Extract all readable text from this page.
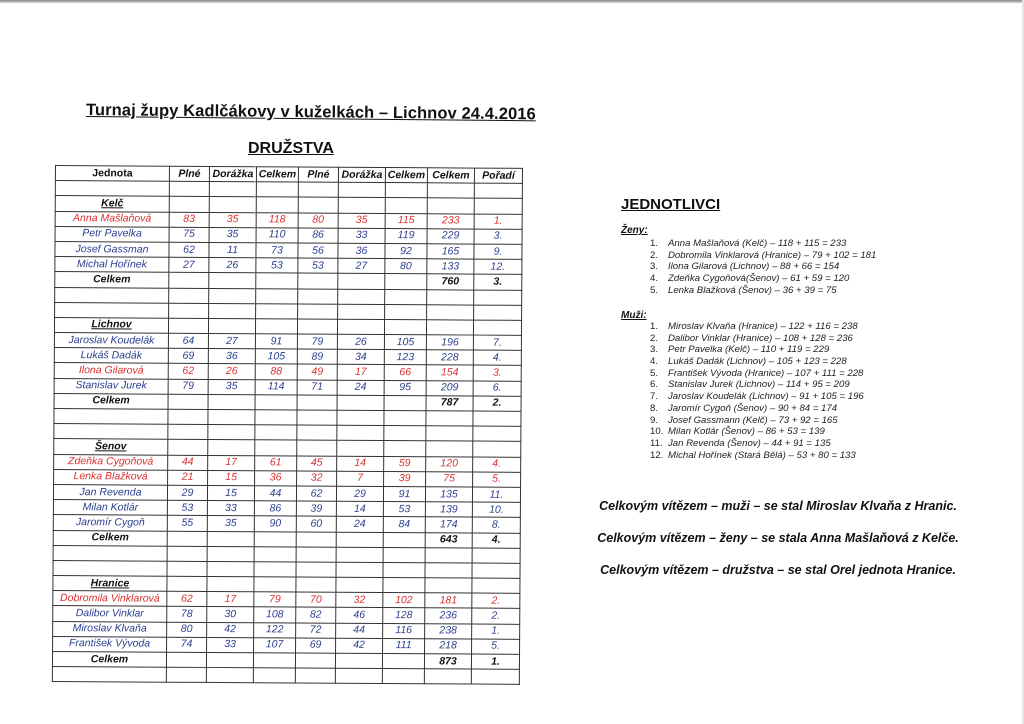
Turnaj župy Kadlčákovy v kuželkách – Lichnov 24.4.2016
DRUŽSTVA
Jednota	Plné	Dorážka	Celkem	Plné	Dorážka	Celkem	Celkem	Pořadí

Kelč								
Anna Mašlaňová	83	35	118	80	35	115	233	1.
Petr Pavelka	75	35	110	86	33	119	229	3.
Josef Gassman	62	11	73	56	36	92	165	9.
Michal Hořínek	27	26	53	53	27	80	133	12.
Celkem							760	3.

Lichnov								
Jaroslav Koudelák	64	27	91	79	26	105	196	7.
Lukáš Dadák	69	36	105	89	34	123	228	4.
Ilona Gilarová	62	26	88	49	17	66	154	3.
Stanislav Jurek	79	35	114	71	24	95	209	6.
Celkem							787	2.

Šenov								
Zdeňka Cygoňová	44	17	61	45	14	59	120	4.
Lenka Blažková	21	15	36	32	7	39	75	5.
Jan Revenda	29	15	44	62	29	91	135	11.
Milan Kotlár	53	33	86	39	14	53	139	10.
Jaromír Cygoň	55	35	90	60	24	84	174	8.
Celkem							643	4.

Hranice								
Dobromila Vinklarová	62	17	79	70	32	102	181	2.
Dalibor Vinklar	78	30	108	82	46	128	236	2.
Miroslav Klvaňa	80	42	122	72	44	116	238	1.
František Vývoda	74	33	107	69	42	111	218	5.
Celkem							873	1.

JEDNOTLIVCI
Ženy:
1. Anna Mašlaňová (Kelč) – 118 + 115 = 233
2. Dobromila Vinklarová (Hranice) – 79 + 102 = 181
3. Ilona Gilarová (Lichnov) – 88 + 66 = 154
4. Zdeňka Cygoňová(Šenov) – 61 + 59 = 120
5. Lenka Blažková (Šenov) – 36 + 39 = 75
Muži:
1. Miroslav Klvaňa (Hranice) – 122 + 116 = 238
2. Dalibor Vinklar (Hranice) – 108 + 128 = 236
3. Petr Pavelka (Kelč) – 110 + 119 = 229
4. Lukáš Dadák (Lichnov) – 105 + 123 = 228
5. František Vývoda (Hranice) – 107 + 111 = 228
6. Stanislav Jurek (Lichnov) – 114 + 95 = 209
7. Jaroslav Koudelák (Lichnov) – 91 + 105 = 196
8. Jaromír Cygoň (Šenov) – 90 + 84 = 174
9. Josef Gassmann (Kelč) – 73 + 92 = 165
10. Milan Kotlár (Šenov) – 86 + 53 = 139
11. Jan Revenda (Šenov) – 44 + 91 = 135
12. Michal Hořínek (Stará Bělá) – 53 + 80 = 133
Celkovým vítězem – muži – se stal Miroslav Klvaňa z Hranic.
Celkovým vítězem – ženy – se stala Anna Mašlaňová z Kelče.
Celkovým vítězem – družstva – se stal Orel jednota Hranice.
